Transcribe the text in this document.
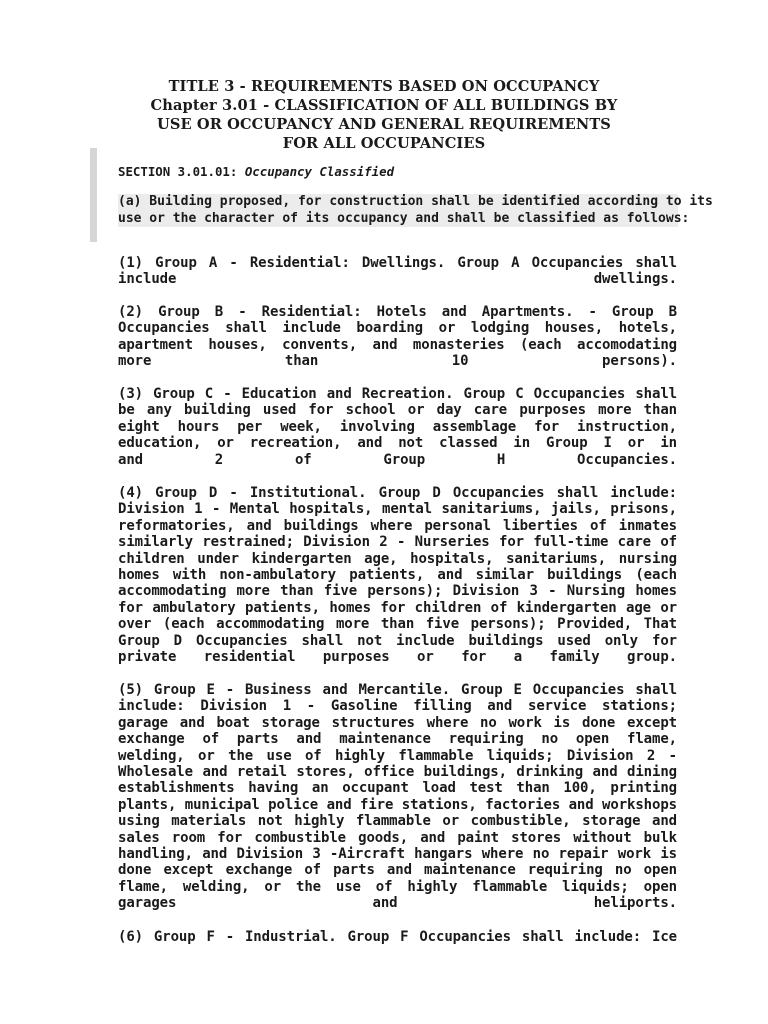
TITLE 3 - REQUIREMENTS BASED ON OCCUPANCY
Chapter 3.01 - CLASSIFICATION OF ALL BUILDINGS BY
USE OR OCCUPANCY AND GENERAL REQUIREMENTS
FOR ALL OCCUPANCIES
SECTION 3.01.01: Occupancy Classified
(a) Building proposed, for construction shall be identified according to its
use or the character of its occupancy and shall be classified as follows:
(1) Group A - Residential: Dwellings. Group A Occupancies shall
include dwellings.
(2) Group B - Residential: Hotels and Apartments. - Group B
Occupancies shall include boarding or lodging houses, hotels,
apartment houses, convents, and monasteries (each accomodating
more than 10 persons).
(3) Group C - Education and Recreation. Group C Occupancies shall
be any building used for school or day care purposes more than
eight hours per week, involving assemblage for instruction,
education, or recreation, and not classed in Group I or in
and 2 of Group H Occupancies.
(4) Group D - Institutional. Group D Occupancies shall include:
Division 1 - Mental hospitals, mental sanitariums, jails, prisons,
reformatories, and buildings where personal liberties of inmates
similarly restrained; Division 2 - Nurseries for full-time care of
children under kindergarten age, hospitals, sanitariums, nursing
homes with non-ambulatory patients, and similar buildings (each
accommodating more than five persons); Division 3 - Nursing homes
for ambulatory patients, homes for children of kindergarten age or
over (each accommodating more than five persons); Provided, That
Group D Occupancies shall not include buildings used only for
private residential purposes or for a family group.
(5) Group E - Business and Mercantile. Group E Occupancies shall
include: Division 1 - Gasoline filling and service stations;
garage and boat storage structures where no work is done except
exchange of parts and maintenance requiring no open flame,
welding, or the use of highly flammable liquids; Division 2 -
Wholesale and retail stores, office buildings, drinking and dining
establishments having an occupant load test than 100, printing
plants, municipal police and fire stations, factories and workshops
using materials not highly flammable or combustible, storage and
sales room for combustible goods, and paint stores without bulk
handling, and Division 3 -Aircraft hangars where no repair work is
done except exchange of parts and maintenance requiring no open
flame, welding, or the use of highly flammable liquids; open
garages and heliports.
(6) Group F - Industrial. Group F Occupancies shall include: Ice
